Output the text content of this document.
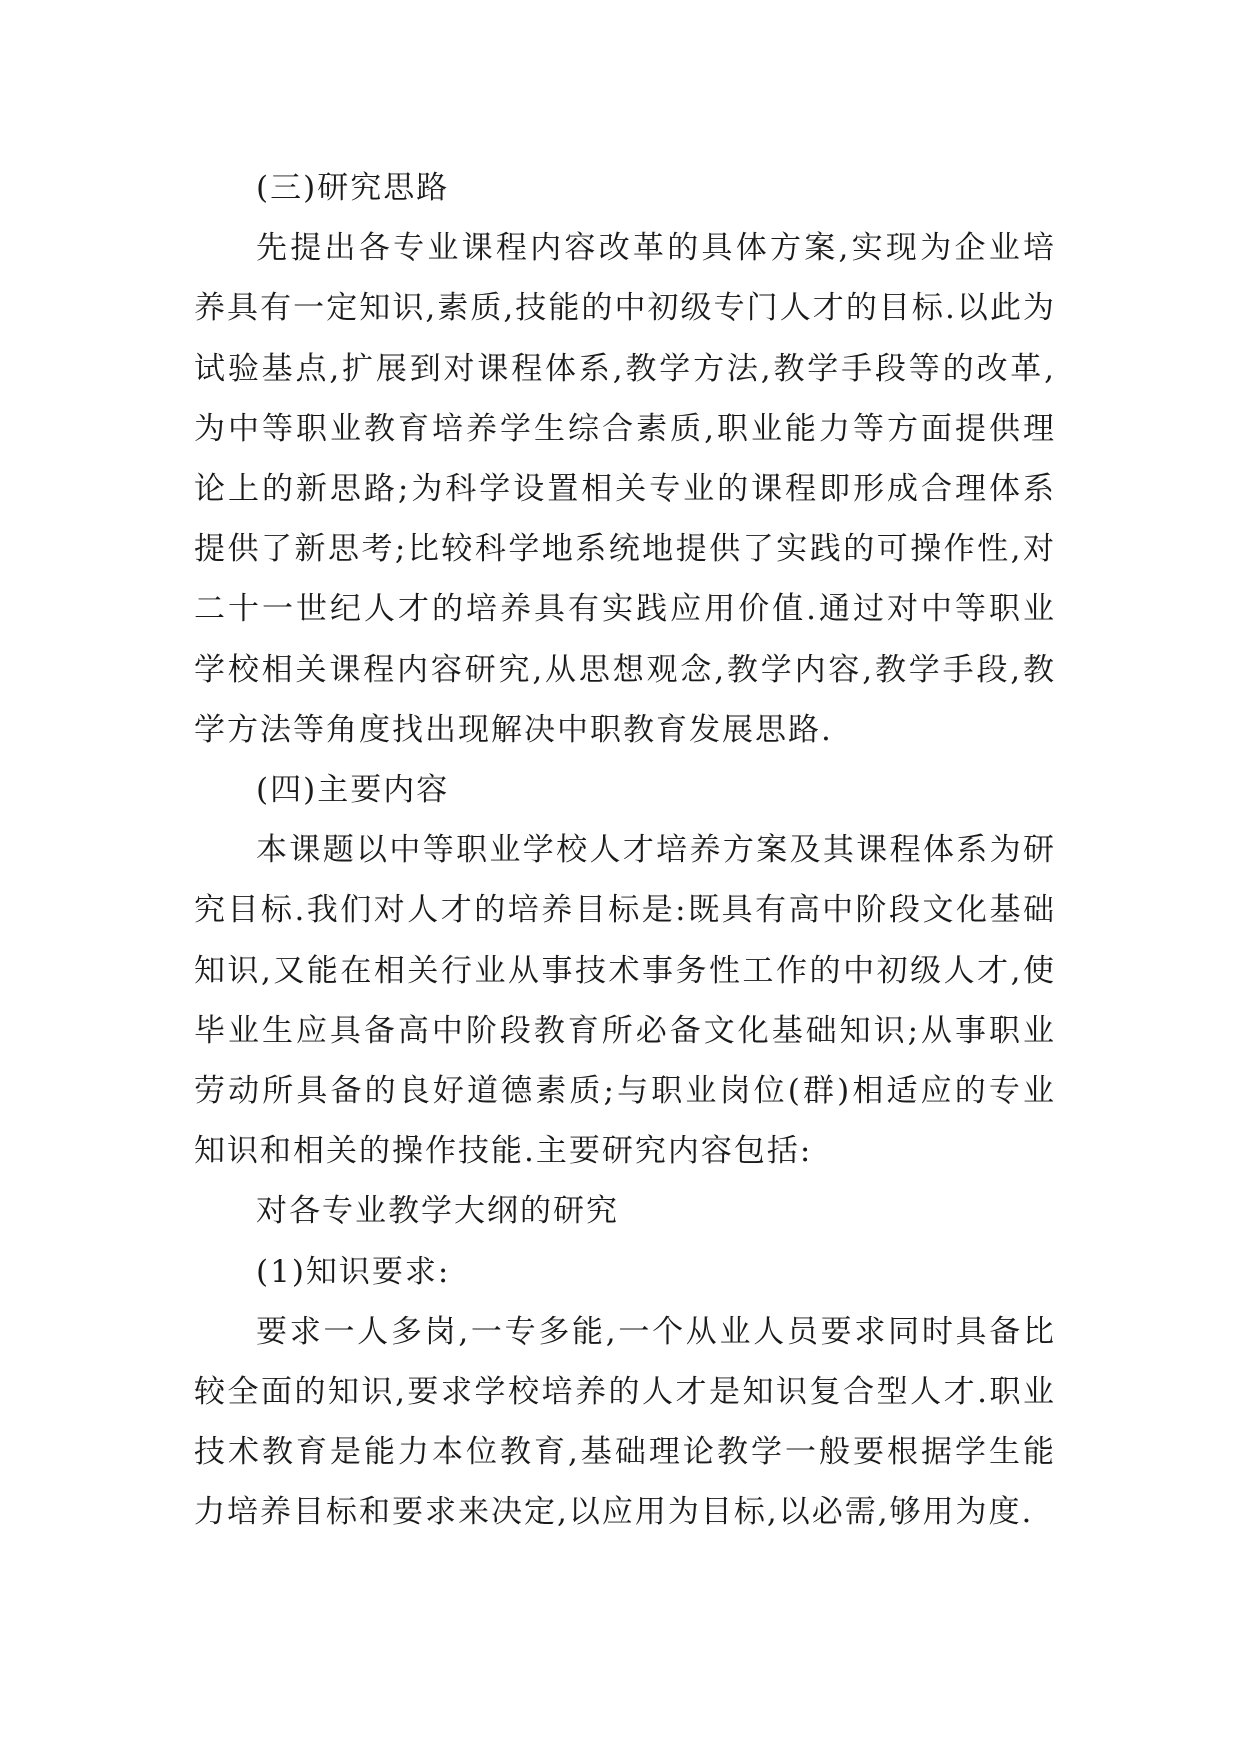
(三)研究思路

先提出各专业课程内容改革的具体方案,实现为企业培养具有一定知识,素质,技能的中初级专门人才的目标.以此为试验基点,扩展到对课程体系,教学方法,教学手段等的改革,为中等职业教育培养学生综合素质,职业能力等方面提供理论上的新思路;为科学设置相关专业的课程即形成合理体系提供了新思考;比较科学地系统地提供了实践的可操作性,对二十一世纪人才的培养具有实践应用价值.通过对中等职业学校相关课程内容研究,从思想观念,教学内容,教学手段,教学方法等角度找出现解决中职教育发展思路.

(四)主要内容

本课题以中等职业学校人才培养方案及其课程体系为研究目标.我们对人才的培养目标是:既具有高中阶段文化基础知识,又能在相关行业从事技术事务性工作的中初级人才,使毕业生应具备高中阶段教育所必备文化基础知识;从事职业劳动所具备的良好道德素质;与职业岗位(群)相适应的专业知识和相关的操作技能.主要研究内容包括:

对各专业教学大纲的研究

(1)知识要求:

要求一人多岗,一专多能,一个从业人员要求同时具备比较全面的知识,要求学校培养的人才是知识复合型人才.职业技术教育是能力本位教育,基础理论教学一般要根据学生能力培养目标和要求来决定,以应用为目标,以必需,够用为度.
